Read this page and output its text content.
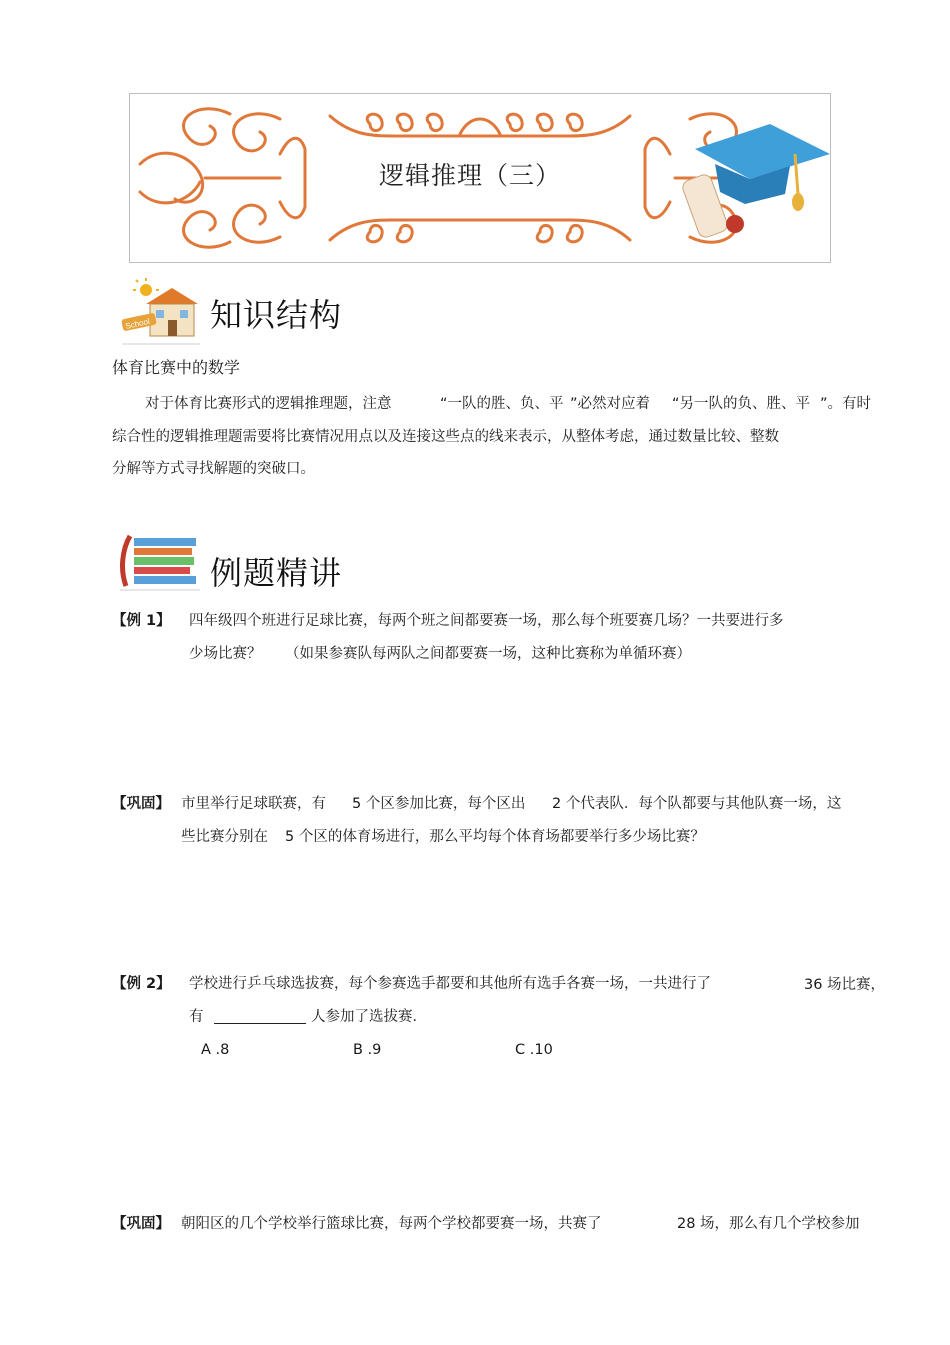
逻辑推理（三）
School 知识结构
体育比赛中的数学
对于体育比赛形式的逻辑推理题，注意	“一队的胜、负、平 ”必然对应着 “另一队的负、胜、平 ”。有时
综合性的逻辑推理题需要将比赛情况用点以及连接这些点的线来表示，从整体考虑，通过数量比较、整数
分解等方式寻找解题的突破口。
例题精讲
【例 1】 四年级四个班进行足球比赛，每两个班之间都要赛一场，那么每个班要赛几场？一共要进行多
少场比赛？ （如果参赛队每两队之间都要赛一场，这种比赛称为单循环赛）
【巩固】 市里举行足球联赛，有 5 个区参加比赛，每个区出 2 个代表队．每个队都要与其他队赛一场，这
些比赛分别在 5 个区的体育场进行，那么平均每个体育场都要举行多少场比赛？
【例 2】 学校进行乒乓球选拔赛，每个参赛选手都要和其他所有选手各赛一场，一共进行了	36 场比赛，
有	人参加了选拔赛．
A .8	B .9	C .10
【巩固】 朝阳区的几个学校举行篮球比赛，每两个学校都要赛一场，共赛了	28 场，那么有几个学校参加
